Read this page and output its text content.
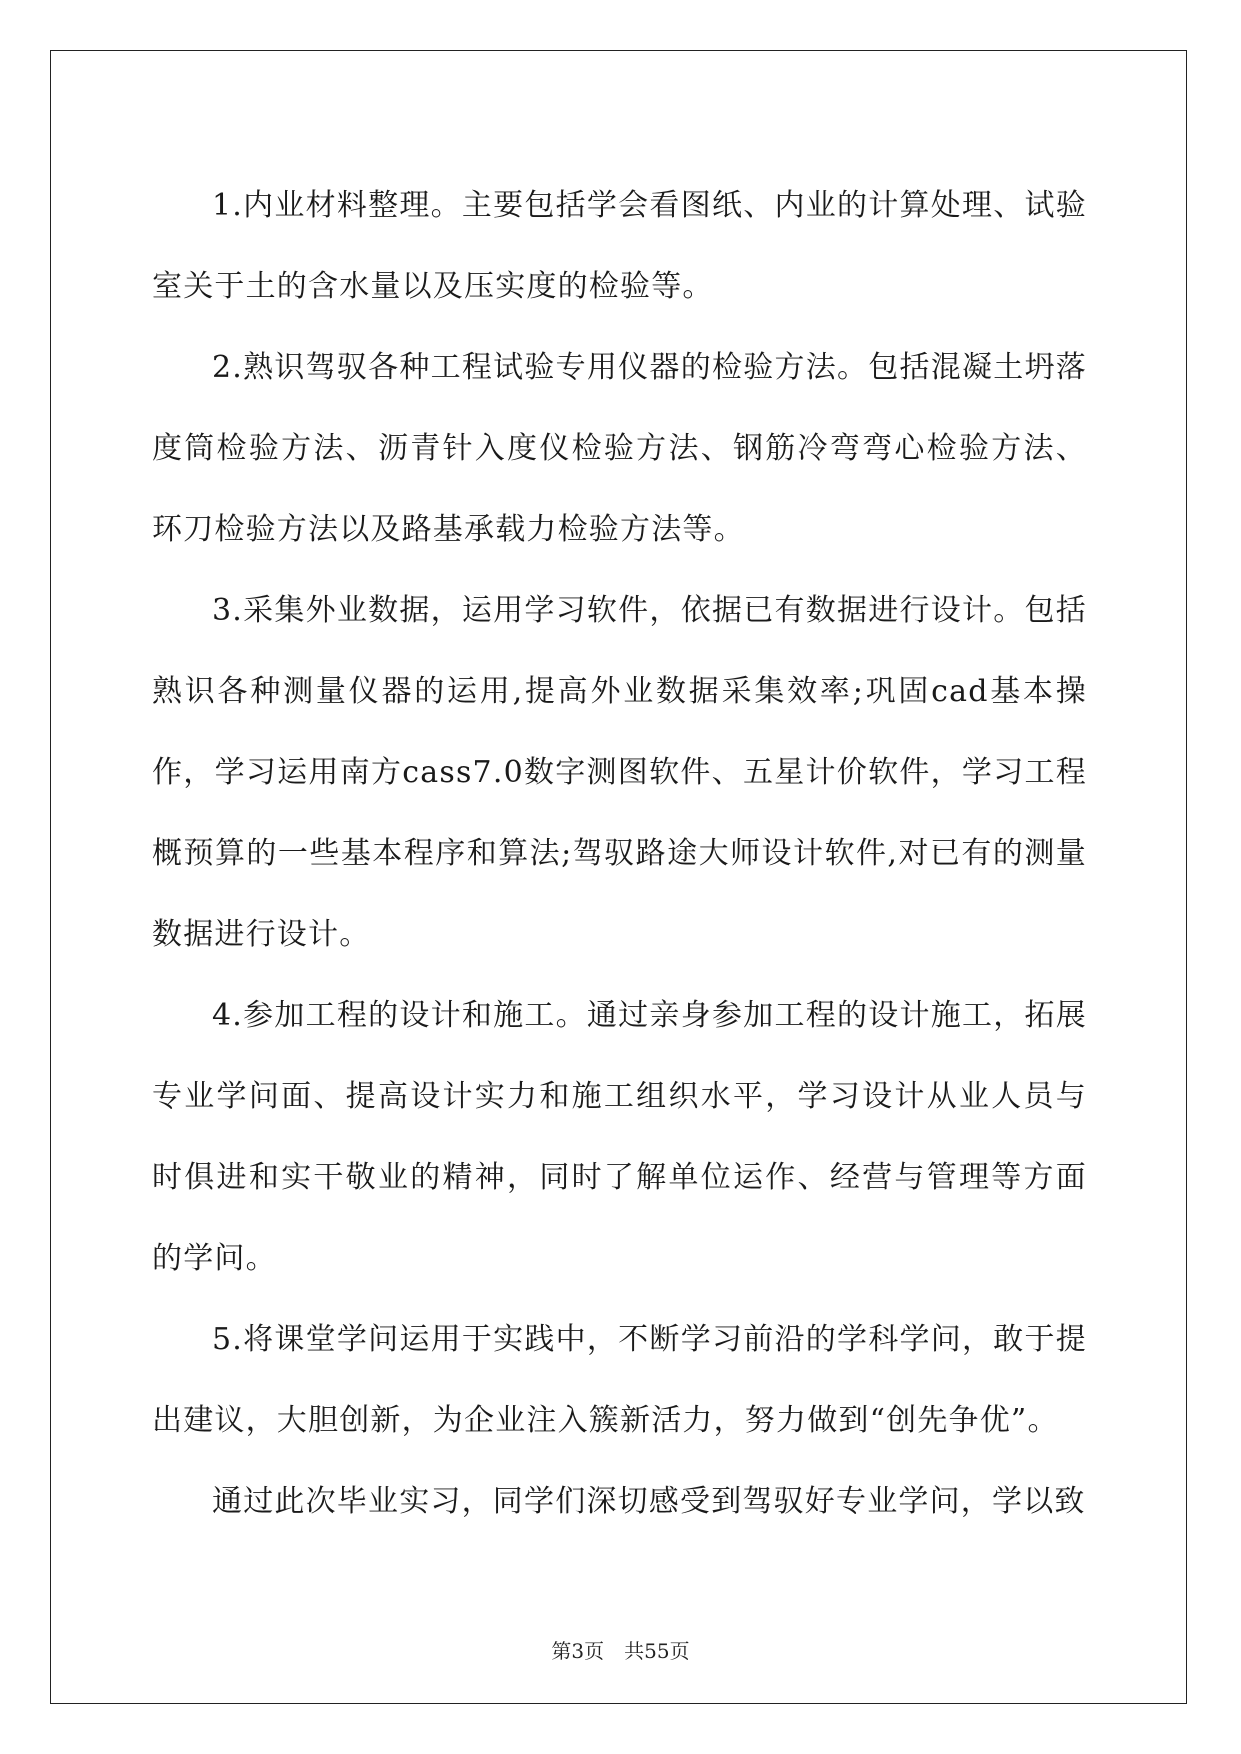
1.内业材料整理。主要包括学会看图纸、内业的计算处理、试验室关于土的含水量以及压实度的检验等。

2.熟识驾驭各种工程试验专用仪器的检验方法。包括混凝土坍落度筒检验方法、沥青针入度仪检验方法、钢筋冷弯弯心检验方法、环刀检验方法以及路基承载力检验方法等。

3.采集外业数据，运用学习软件，依据已有数据进行设计。包括熟识各种测量仪器的运用,提高外业数据采集效率;巩固cad基本操作，学习运用南方cass7.0数字测图软件、五星计价软件，学习工程概预算的一些基本程序和算法;驾驭路途大师设计软件,对已有的测量数据进行设计。

4.参加工程的设计和施工。通过亲身参加工程的设计施工，拓展专业学问面、提高设计实力和施工组织水平，学习设计从业人员与时俱进和实干敬业的精神，同时了解单位运作、经营与管理等方面的学问。

5.将课堂学问运用于实践中，不断学习前沿的学科学问，敢于提出建议，大胆创新，为企业注入簇新活力，努力做到“创先争优”。

通过此次毕业实习，同学们深切感受到驾驭好专业学问，学以致

第3页　共55页
